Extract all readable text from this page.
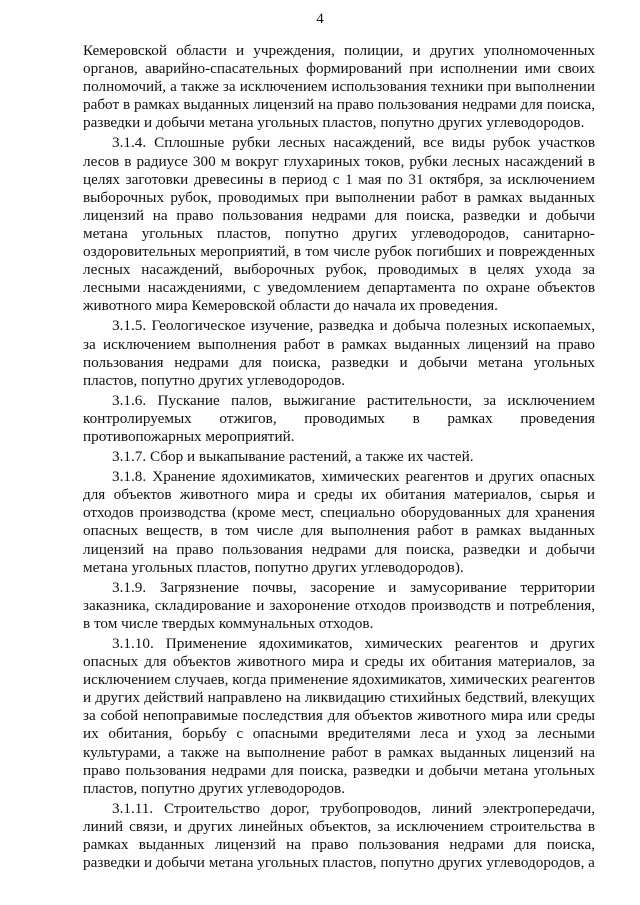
4

Кемеровской области и учреждения, полиции, и других уполномоченных органов, аварийно-спасательных формирований при исполнении ими своих полномочий, а также за исключением использования техники при выполнении работ в рамках выданных лицензий на право пользования недрами для поиска, разведки и добычи метана угольных пластов, попутно других углеводородов.

3.1.4. Сплошные рубки лесных насаждений, все виды рубок участков лесов в радиусе 300 м вокруг глухариных токов, рубки лесных насаждений в целях заготовки древесины в период с 1 мая по 31 октября, за исключением выборочных рубок, проводимых при выполнении работ в рамках выданных лицензий на право пользования недрами для поиска, разведки и добычи метана угольных пластов, попутно других углеводородов, санитарно-оздоровительных мероприятий, в том числе рубок погибших и поврежденных лесных насаждений, выборочных рубок, проводимых в целях ухода за лесными насаждениями, с уведомлением департамента по охране объектов животного мира Кемеровской области до начала их проведения.

3.1.5. Геологическое изучение, разведка и добыча полезных ископаемых, за исключением выполнения работ в рамках выданных лицензий на право пользования недрами для поиска, разведки и добычи метана угольных пластов, попутно других углеводородов.

3.1.6. Пускание палов, выжигание растительности, за исключением контролируемых отжигов, проводимых в рамках проведения противопожарных мероприятий.

3.1.7. Сбор и выкапывание растений, а также их частей.

3.1.8. Хранение ядохимикатов, химических реагентов и других опасных для объектов животного мира и среды их обитания материалов, сырья и отходов производства (кроме мест, специально оборудованных для хранения опасных веществ, в том числе для выполнения работ в рамках выданных лицензий на право пользования недрами для поиска, разведки и добычи метана угольных пластов, попутно других углеводородов).

3.1.9. Загрязнение почвы, засорение и замусоривание территории заказника, складирование и захоронение отходов производств и потребления, в том числе твердых коммунальных отходов.

3.1.10. Применение ядохимикатов, химических реагентов и других опасных для объектов животного мира и среды их обитания материалов, за исключением случаев, когда применение ядохимикатов, химических реагентов и других действий направлено на ликвидацию стихийных бедствий, влекущих за собой непоправимые последствия для объектов животного мира или среды их обитания, борьбу с опасными вредителями леса и уход за лесными культурами, а также на выполнение работ в рамках выданных лицензий на право пользования недрами для поиска, разведки и добычи метана угольных пластов, попутно других углеводородов.

3.1.11. Строительство дорог, трубопроводов, линий электропередачи, линий связи, и других линейных объектов, за исключением строительства в рамках выданных лицензий на право пользования недрами для поиска, разведки и добычи метана угольных пластов, попутно других углеводородов, а
